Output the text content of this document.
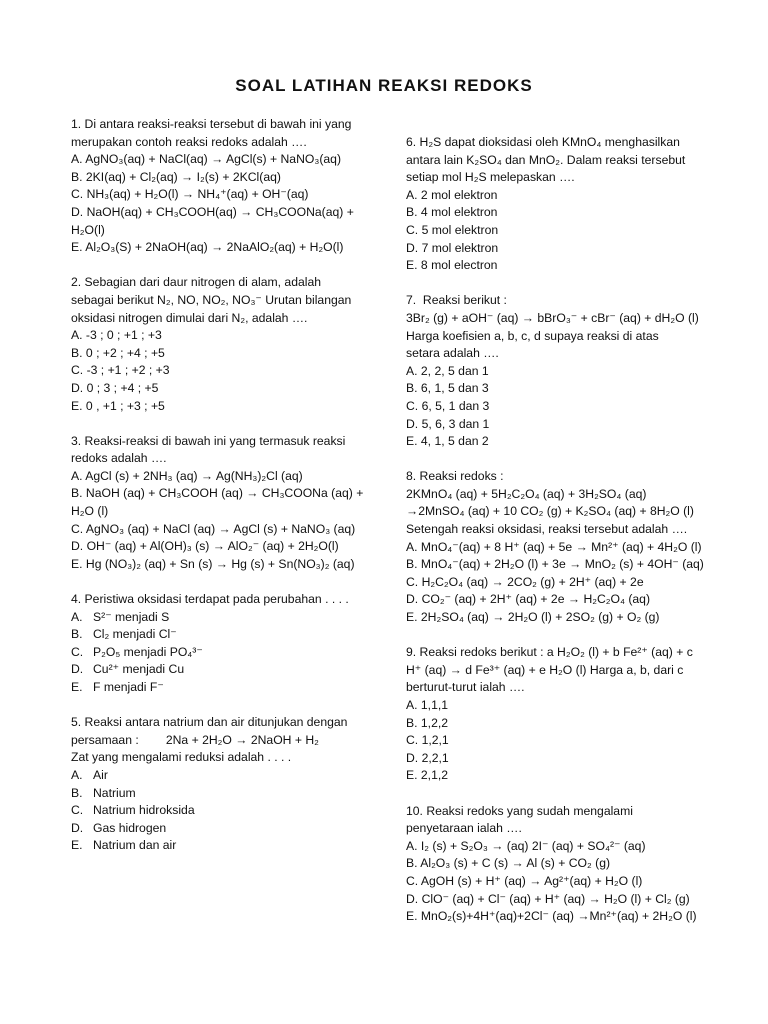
SOAL LATIHAN REAKSI REDOKS
1. Di antara reaksi-reaksi tersebut di bawah ini yang
merupakan contoh reaksi redoks adalah ….
A. AgNO₃(aq) + NaCl(aq) → AgCl(s) + NaNO₃(aq)
B. 2KI(aq) + Cl₂(aq) → I₂(s) + 2KCl(aq)
C. NH₃(aq) + H₂O(l) → NH₄⁺(aq) + OH⁻(aq)
D. NaOH(aq) + CH₃COOH(aq) → CH₃COONa(aq) +
H₂O(l)
E. Al₂O₃(S) + 2NaOH(aq) → 2NaAlO₂(aq) + H₂O(l)
2. Sebagian dari daur nitrogen di alam, adalah
sebagai berikut N₂, NO, NO₂, NO₃⁻ Urutan bilangan
oksidasi nitrogen dimulai dari N₂, adalah ….
A. -3 ; 0 ; +1 ; +3
B. 0 ; +2 ; +4 ; +5
C. -3 ; +1 ; +2 ; +3
D. 0 ; 3 ; +4 ; +5
E. 0 , +1 ; +3 ; +5
3. Reaksi-reaksi di bawah ini yang termasuk reaksi
redoks adalah ….
A. AgCl (s) + 2NH₃ (aq) → Ag(NH₃)₂Cl (aq)
B. NaOH (aq) + CH₃COOH (aq) → CH₃COONa (aq) +
H₂O (l)
C. AgNO₃ (aq) + NaCl (aq) → AgCl (s) + NaNO₃ (aq)
D. OH⁻ (aq) + Al(OH)₃ (s) → AlO₂⁻ (aq) + 2H₂O(l)
E. Hg (NO₃)₂ (aq) + Sn (s) → Hg (s) + Sn(NO₃)₂ (aq)
4. Peristiwa oksidasi terdapat pada perubahan . . . .
A. S²⁻ menjadi S
B. Cl₂ menjadi Cl⁻
C. P₂O₅ menjadi PO₄³⁻
D. Cu²⁺ menjadi Cu
E. F menjadi F⁻
5. Reaksi antara natrium dan air ditunjukan dengan
persamaan :        2Na + 2H₂O → 2NaOH + H₂
Zat yang mengalami reduksi adalah . . . .
A. Air
B. Natrium
C. Natrium hidroksida
D. Gas hidrogen
E. Natrium dan air
6. H₂S dapat dioksidasi oleh KMnO₄ menghasilkan
antara lain K₂SO₄ dan MnO₂. Dalam reaksi tersebut
setiap mol H₂S melepaskan ….
A. 2 mol elektron
B. 4 mol elektron
C. 5 mol elektron
D. 7 mol elektron
E. 8 mol electron
7.  Reaksi berikut :
3Br₂ (g) + aOH⁻ (aq) → bBrO₃⁻ + cBr⁻ (aq) + dH₂O (l)
Harga koefisien a, b, c, d supaya reaksi di atas
setara adalah ….
A. 2, 2, 5 dan 1
B. 6, 1, 5 dan 3
C. 6, 5, 1 dan 3
D. 5, 6, 3 dan 1
E. 4, 1, 5 dan 2
8. Reaksi redoks :
2KMnO₄ (aq) + 5H₂C₂O₄ (aq) + 3H₂SO₄ (aq)
→2MnSO₄ (aq) + 10 CO₂ (g) + K₂SO₄ (aq) + 8H₂O (l)
Setengah reaksi oksidasi, reaksi tersebut adalah ….
A. MnO₄⁻(aq) + 8 H⁺ (aq) + 5e → Mn²⁺ (aq) + 4H₂O (l)
B. MnO₄⁻(aq) + 2H₂O (l) + 3e → MnO₂ (s) + 4OH⁻ (aq)
C. H₂C₂O₄ (aq) → 2CO₂ (g) + 2H⁺ (aq) + 2e
D. CO₂⁻ (aq) + 2H⁺ (aq) + 2e → H₂C₂O₄ (aq)
E. 2H₂SO₄ (aq) → 2H₂O (l) + 2SO₂ (g) + O₂ (g)
9. Reaksi redoks berikut : a H₂O₂ (l) + b Fe²⁺ (aq) + c
H⁺ (aq) → d Fe³⁺ (aq) + e H₂O (l) Harga a, b, dari c
berturut-turut ialah ….
A. 1,1,1
B. 1,2,2
C. 1,2,1
D. 2,2,1
E. 2,1,2
10. Reaksi redoks yang sudah mengalami
penyetaraan ialah ….
A. I₂ (s) + S₂O₃ → (aq) 2I⁻ (aq) + SO₄²⁻ (aq)
B. Al₂O₃ (s) + C (s) → Al (s) + CO₂ (g)
C. AgOH (s) + H⁺ (aq) → Ag²⁺(aq) + H₂O (l)
D. ClO⁻ (aq) + Cl⁻ (aq) + H⁺ (aq) → H₂O (l) + Cl₂ (g)
E. MnO₂(s)+4H⁺(aq)+2Cl⁻ (aq) →Mn²⁺(aq) + 2H₂O (l)
